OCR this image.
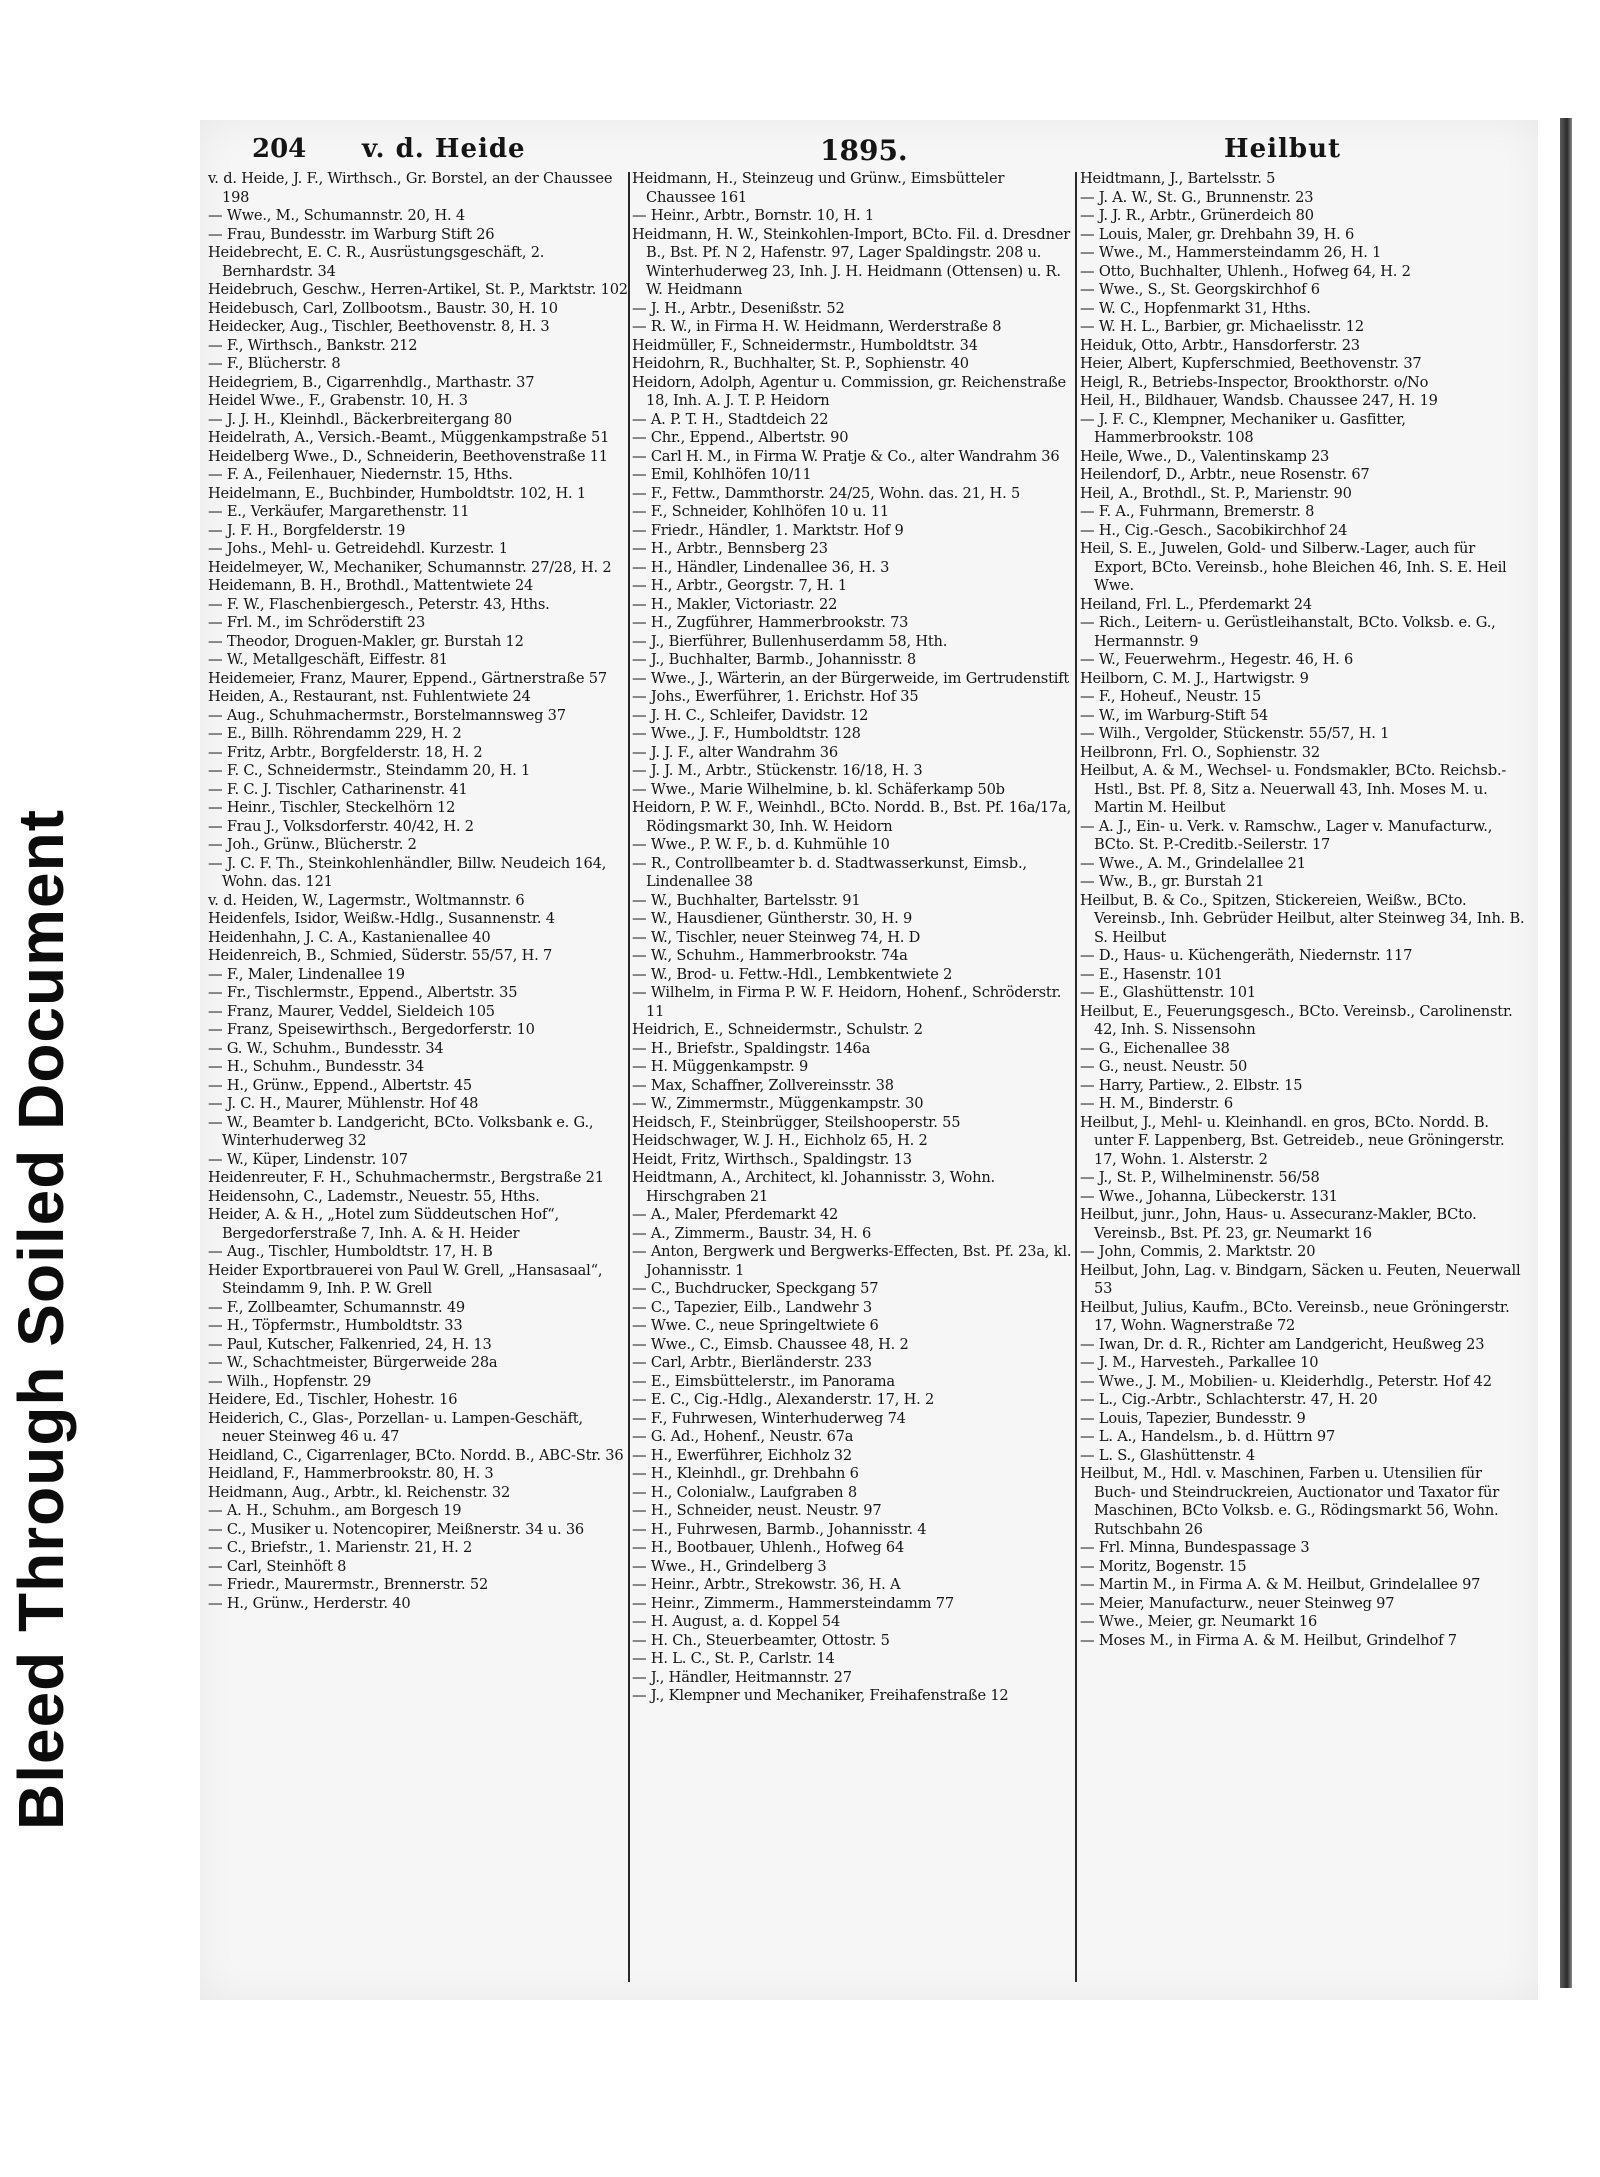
Bleed Through Soiled Document
204 v. d. Heide	1895.	Heilbut
v. d. Heide, J. F., Wirthsch., Gr. Borstel, an der Chaussee 198
— Wwe., M., Schumannstr. 20, H. 4
— Frau, Bundesstr. im Warburg Stift 26
Heidebrecht, E. C. R., Ausrüstungsgeschäft, 2. Bernhardstr. 34
Heidebruch, Geschw., Herren-Artikel, St. P., Marktstr. 102
Heidebusch, Carl, Zollbootsm., Baustr. 30, H. 10
Heidecker, Aug., Tischler, Beethovenstr. 8, H. 3
— F., Wirthsch., Bankstr. 212
— F., Blücherstr. 8
Heidegriem, B., Cigarrenhdlg., Marthastr. 37
Heidel Wwe., F., Grabenstr. 10, H. 3
— J. J. H., Kleinhdl., Bäckerbreitergang 80
Heidelrath, A., Versich.-Beamt., Müggenkampstraße 51
Heidelberg Wwe., D., Schneiderin, Beethovenstraße 11
— F. A., Feilenhauer, Niedernstr. 15, Hths.
Heidelmann, E., Buchbinder, Humboldtstr. 102, H. 1
— E., Verkäufer, Margarethenstr. 11
— J. F. H., Borgfelderstr. 19
— Johs., Mehl- u. Getreidehdl. Kurzestr. 1
Heidelmeyer, W., Mechaniker, Schumannstr. 27/28, H. 2
Heidemann, B. H., Brothdl., Mattentwiete 24
— F. W., Flaschenbiergesch., Peterstr. 43, Hths.
— Frl. M., im Schröderstift 23
— Theodor, Droguen-Makler, gr. Burstah 12
— W., Metallgeschäft, Eiffestr. 81
Heidemeier, Franz, Maurer, Eppend., Gärtnerstraße 57
Heiden, A., Restaurant, nst. Fuhlentwiete 24
— Aug., Schuhmachermstr., Borstelmannsweg 37
— E., Billh. Röhrendamm 229, H. 2
— Fritz, Arbtr., Borgfelderstr. 18, H. 2
— F. C., Schneidermstr., Steindamm 20, H. 1
— F. C. J. Tischler, Catharinenstr. 41
— Heinr., Tischler, Steckelhörn 12
— Frau J., Volksdorferstr. 40/42, H. 2
— Joh., Grünw., Blücherstr. 2
— J. C. F. Th., Steinkohlenhändler, Billw. Neudeich 164, Wohn. das. 121
v. d. Heiden, W., Lagermstr., Woltmannstr. 6
Heidenfels, Isidor, Weißw.-Hdlg., Susannenstr. 4
Heidenhahn, J. C. A., Kastanienallee 40
Heidenreich, B., Schmied, Süderstr. 55/57, H. 7
— F., Maler, Lindenallee 19
— Fr., Tischlermstr., Eppend., Albertstr. 35
— Franz, Maurer, Veddel, Sieldeich 105
— Franz, Speisewirthsch., Bergedorferstr. 10
— G. W., Schuhm., Bundesstr. 34
— H., Schuhm., Bundesstr. 34
— H., Grünw., Eppend., Albertstr. 45
— J. C. H., Maurer, Mühlenstr. Hof 48
— W., Beamter b. Landgericht, BCto. Volksbank e. G., Winterhuderweg 32
— W., Küper, Lindenstr. 107
Heidenreuter, F. H., Schuhmachermstr., Bergstraße 21
Heidensohn, C., Lademstr., Neuestr. 55, Hths.
Heider, A. & H., „Hotel zum Süddeutschen Hof“, Bergedorferstraße 7, Inh. A. & H. Heider
— Aug., Tischler, Humboldtstr. 17, H. B
Heider Exportbrauerei von Paul W. Grell, „Hansasaal“, Steindamm 9, Inh. P. W. Grell
— F., Zollbeamter, Schumannstr. 49
— H., Töpfermstr., Humboldtstr. 33
— Paul, Kutscher, Falkenried, 24, H. 13
— W., Schachtmeister, Bürgerweide 28a
— Wilh., Hopfenstr. 29
Heidere, Ed., Tischler, Hohestr. 16
Heiderich, C., Glas-, Porzellan- u. Lampen-Geschäft, neuer Steinweg 46 u. 47
Heidland, C., Cigarrenlager, BCto. Nordd. B., ABC-Str. 36
Heidland, F., Hammerbrookstr. 80, H. 3
Heidmann, Aug., Arbtr., kl. Reichenstr. 32
— A. H., Schuhm., am Borgesch 19
— C., Musiker u. Notencopirer, Meißnerstr. 34 u. 36
— C., Briefstr., 1. Marienstr. 21, H. 2
— Carl, Steinhöft 8
— Friedr., Maurermstr., Brennerstr. 52
— H., Grünw., Herderstr. 40
Heidmann, H., Steinzeug und Grünw., Eimsbütteler Chaussee 161
— Heinr., Arbtr., Bornstr. 10, H. 1
Heidmann, H. W., Steinkohlen-Import, BCto. Fil. d. Dresdner B., Bst. Pf. N 2, Hafenstr. 97, Lager Spaldingstr. 208 u. Winterhuderweg 23, Inh. J. H. Heidmann (Ottensen) u. R. W. Heidmann
— J. H., Arbtr., Desenißstr. 52
— R. W., in Firma H. W. Heidmann, Werderstraße 8
Heidmüller, F., Schneidermstr., Humboldtstr. 34
Heidohrn, R., Buchhalter, St. P., Sophienstr. 40
Heidorn, Adolph, Agentur u. Commission, gr. Reichenstraße 18, Inh. A. J. T. P. Heidorn
— A. P. T. H., Stadtdeich 22
— Chr., Eppend., Albertstr. 90
— Carl H. M., in Firma W. Pratje & Co., alter Wandrahm 36
— Emil, Kohlhöfen 10/11
— F., Fettw., Dammthorstr. 24/25, Wohn. das. 21, H. 5
— F., Schneider, Kohlhöfen 10 u. 11
— Friedr., Händler, 1. Marktstr. Hof 9
— H., Arbtr., Bennsberg 23
— H., Händler, Lindenallee 36, H. 3
— H., Arbtr., Georgstr. 7, H. 1
— H., Makler, Victoriastr. 22
— H., Zugführer, Hammerbrookstr. 73
— J., Bierführer, Bullenhuserdamm 58, Hth.
— J., Buchhalter, Barmb., Johannisstr. 8
— Wwe., J., Wärterin, an der Bürgerweide, im Gertrudenstift
— Johs., Ewerführer, 1. Erichstr. Hof 35
— J. H. C., Schleifer, Davidstr. 12
— Wwe., J. F., Humboldtstr. 128
— J. J. F., alter Wandrahm 36
— J. J. M., Arbtr., Stückenstr. 16/18, H. 3
— Wwe., Marie Wilhelmine, b. kl. Schäferkamp 50b
Heidorn, P. W. F., Weinhdl., BCto. Nordd. B., Bst. Pf. 16a/17a, Rödingsmarkt 30, Inh. W. Heidorn
— Wwe., P. W. F., b. d. Kuhmühle 10
— R., Controllbeamter b. d. Stadtwasserkunst, Eimsb., Lindenallee 38
— W., Buchhalter, Bartelsstr. 91
— W., Hausdiener, Güntherstr. 30, H. 9
— W., Tischler, neuer Steinweg 74, H. D
— W., Schuhm., Hammerbrookstr. 74a
— W., Brod- u. Fettw.-Hdl., Lembkentwiete 2
— Wilhelm, in Firma P. W. F. Heidorn, Hohenf., Schröderstr. 11
Heidrich, E., Schneidermstr., Schulstr. 2
— H., Briefstr., Spaldingstr. 146a
— H. Müggenkampstr. 9
— Max, Schaffner, Zollvereinsstr. 38
— W., Zimmermstr., Müggenkampstr. 30
Heidsch, F., Steinbrügger, Steilshooperstr. 55
Heidschwager, W. J. H., Eichholz 65, H. 2
Heidt, Fritz, Wirthsch., Spaldingstr. 13
Heidtmann, A., Architect, kl. Johannisstr. 3, Wohn. Hirschgraben 21
— A., Maler, Pferdemarkt 42
— A., Zimmerm., Baustr. 34, H. 6
— Anton, Bergwerk und Bergwerks-Effecten, Bst. Pf. 23a, kl. Johannisstr. 1
— C., Buchdrucker, Speckgang 57
— C., Tapezier, Eilb., Landwehr 3
— Wwe. C., neue Springeltwiete 6
— Wwe., C., Eimsb. Chaussee 48, H. 2
— Carl, Arbtr., Bierländerstr. 233
— E., Eimsbüttelerstr., im Panorama
— E. C., Cig.-Hdlg., Alexanderstr. 17, H. 2
— F., Fuhrwesen, Winterhuderweg 74
— G. Ad., Hohenf., Neustr. 67a
— H., Ewerführer, Eichholz 32
— H., Kleinhdl., gr. Drehbahn 6
— H., Colonialw., Laufgraben 8
— H., Schneider, neust. Neustr. 97
— H., Fuhrwesen, Barmb., Johannisstr. 4
— H., Bootbauer, Uhlenh., Hofweg 64
— Wwe., H., Grindelberg 3
— Heinr., Arbtr., Strekowstr. 36, H. A
— Heinr., Zimmerm., Hammersteindamm 77
— H. August, a. d. Koppel 54
— H. Ch., Steuerbeamter, Ottostr. 5
— H. L. C., St. P., Carlstr. 14
— J., Händler, Heitmannstr. 27
— J., Klempner und Mechaniker, Freihafenstraße 12
Heidtmann, J., Bartelsstr. 5
— J. A. W., St. G., Brunnenstr. 23
— J. J. R., Arbtr., Grünerdeich 80
— Louis, Maler, gr. Drehbahn 39, H. 6
— Wwe., M., Hammersteindamm 26, H. 1
— Otto, Buchhalter, Uhlenh., Hofweg 64, H. 2
— Wwe., S., St. Georgskirchhof 6
— W. C., Hopfenmarkt 31, Hths.
— W. H. L., Barbier, gr. Michaelisstr. 12
Heiduk, Otto, Arbtr., Hansdorferstr. 23
Heier, Albert, Kupferschmied, Beethovenstr. 37
Heigl, R., Betriebs-Inspector, Brookthorstr. o/No
Heil, H., Bildhauer, Wandsb. Chaussee 247, H. 19
— J. F. C., Klempner, Mechaniker u. Gasfitter, Hammerbrookstr. 108
Heile, Wwe., D., Valentinskamp 23
Heilendorf, D., Arbtr., neue Rosenstr. 67
Heil, A., Brothdl., St. P., Marienstr. 90
— F. A., Fuhrmann, Bremerstr. 8
— H., Cig.-Gesch., Sacobikirchhof 24
Heil, S. E., Juwelen, Gold- und Silberw.-Lager, auch für Export, BCto. Vereinsb., hohe Bleichen 46, Inh. S. E. Heil Wwe.
Heiland, Frl. L., Pferdemarkt 24
— Rich., Leitern- u. Gerüstleihanstalt, BCto. Volksb. e. G., Hermannstr. 9
— W., Feuerwehrm., Hegestr. 46, H. 6
Heilborn, C. M. J., Hartwigstr. 9
— F., Hoheuf., Neustr. 15
— W., im Warburg-Stift 54
— Wilh., Vergolder, Stückenstr. 55/57, H. 1
Heilbronn, Frl. O., Sophienstr. 32
Heilbut, A. & M., Wechsel- u. Fondsmakler, BCto. Reichsb.-Hstl., Bst. Pf. 8, Sitz a. Neuerwall 43, Inh. Moses M. u. Martin M. Heilbut
— A. J., Ein- u. Verk. v. Ramschw., Lager v. Manufacturw., BCto. St. P.-Creditb.-Seilerstr. 17
— Wwe., A. M., Grindelallee 21
— Ww., B., gr. Burstah 21
Heilbut, B. & Co., Spitzen, Stickereien, Weißw., BCto. Vereinsb., Inh. Gebrüder Heilbut, alter Steinweg 34, Inh. B. S. Heilbut
— D., Haus- u. Küchengeräth, Niedernstr. 117
— E., Hasenstr. 101
— E., Glashüttenstr. 101
Heilbut, E., Feuerungsgesch., BCto. Vereinsb., Carolinenstr. 42, Inh. S. Nissensohn
— G., Eichenallee 38
— G., neust. Neustr. 50
— Harry, Partiew., 2. Elbstr. 15
— H. M., Binderstr. 6
Heilbut, J., Mehl- u. Kleinhandl. en gros, BCto. Nordd. B. unter F. Lappenberg, Bst. Getreideb., neue Gröningerstr. 17, Wohn. 1. Alsterstr. 2
— J., St. P., Wilhelminenstr. 56/58
— Wwe., Johanna, Lübeckerstr. 131
Heilbut, junr., John, Haus- u. Assecuranz-Makler, BCto. Vereinsb., Bst. Pf. 23, gr. Neumarkt 16
— John, Commis, 2. Marktstr. 20
Heilbut, John, Lag. v. Bindgarn, Säcken u. Feuten, Neuerwall 53
Heilbut, Julius, Kaufm., BCto. Vereinsb., neue Gröningerstr. 17, Wohn. Wagnerstraße 72
— Iwan, Dr. d. R., Richter am Landgericht, Heußweg 23
— J. M., Harvesteh., Parkallee 10
— Wwe., J. M., Mobilien- u. Kleiderhdlg., Peterstr. Hof 42
— L., Cig.-Arbtr., Schlachterstr. 47, H. 20
— Louis, Tapezier, Bundesstr. 9
— L. A., Handelsm., b. d. Hüttrn 97
— L. S., Glashüttenstr. 4
Heilbut, M., Hdl. v. Maschinen, Farben u. Utensilien für Buch- und Steindruckreien, Auctionator und Taxator für Maschinen, BCto Volksb. e. G., Rödingsmarkt 56, Wohn. Rutschbahn 26
— Frl. Minna, Bundespassage 3
— Moritz, Bogenstr. 15
— Martin M., in Firma A. & M. Heilbut, Grindelallee 97
— Meier, Manufacturw., neuer Steinweg 97
— Wwe., Meier, gr. Neumarkt 16
— Moses M., in Firma A. & M. Heilbut, Grindelhof 7
